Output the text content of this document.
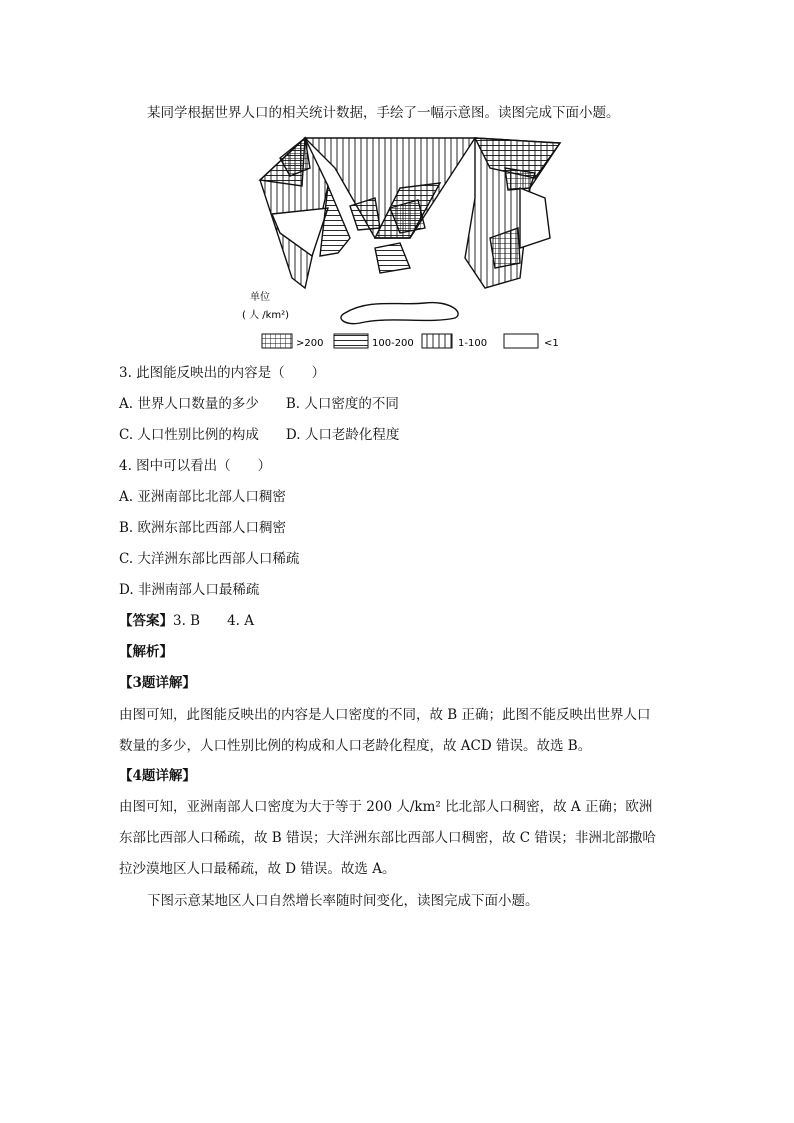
某同学根据世界人口的相关统计数据，手绘了一幅示意图。读图完成下面小题。
单位
( 人 /km²)
>200	100-200	1-100	<1
3. 此图能反映出的内容是（　　）
A. 世界人口数量的多少　　B. 人口密度的不同
C. 人口性别比例的构成　　D. 人口老龄化程度
4. 图中可以看出（　　）
A. 亚洲南部比北部人口稠密
B. 欧洲东部比西部人口稠密
C. 大洋洲东部比西部人口稀疏
D. 非洲南部人口最稀疏
【答案】3. B　　4. A
【解析】
【3题详解】
由图可知，此图能反映出的内容是人口密度的不同，故 B 正确；此图不能反映出世界人口
数量的多少，人口性别比例的构成和人口老龄化程度，故 ACD 错误。故选 B。
【4题详解】
由图可知，亚洲南部人口密度为大于等于 200 人/km² 比北部人口稠密，故 A 正确；欧洲
东部比西部人口稀疏，故 B 错误；大洋洲东部比西部人口稠密，故 C 错误；非洲北部撒哈
拉沙漠地区人口最稀疏，故 D 错误。故选 A。
下图示意某地区人口自然增长率随时间变化，读图完成下面小题。
